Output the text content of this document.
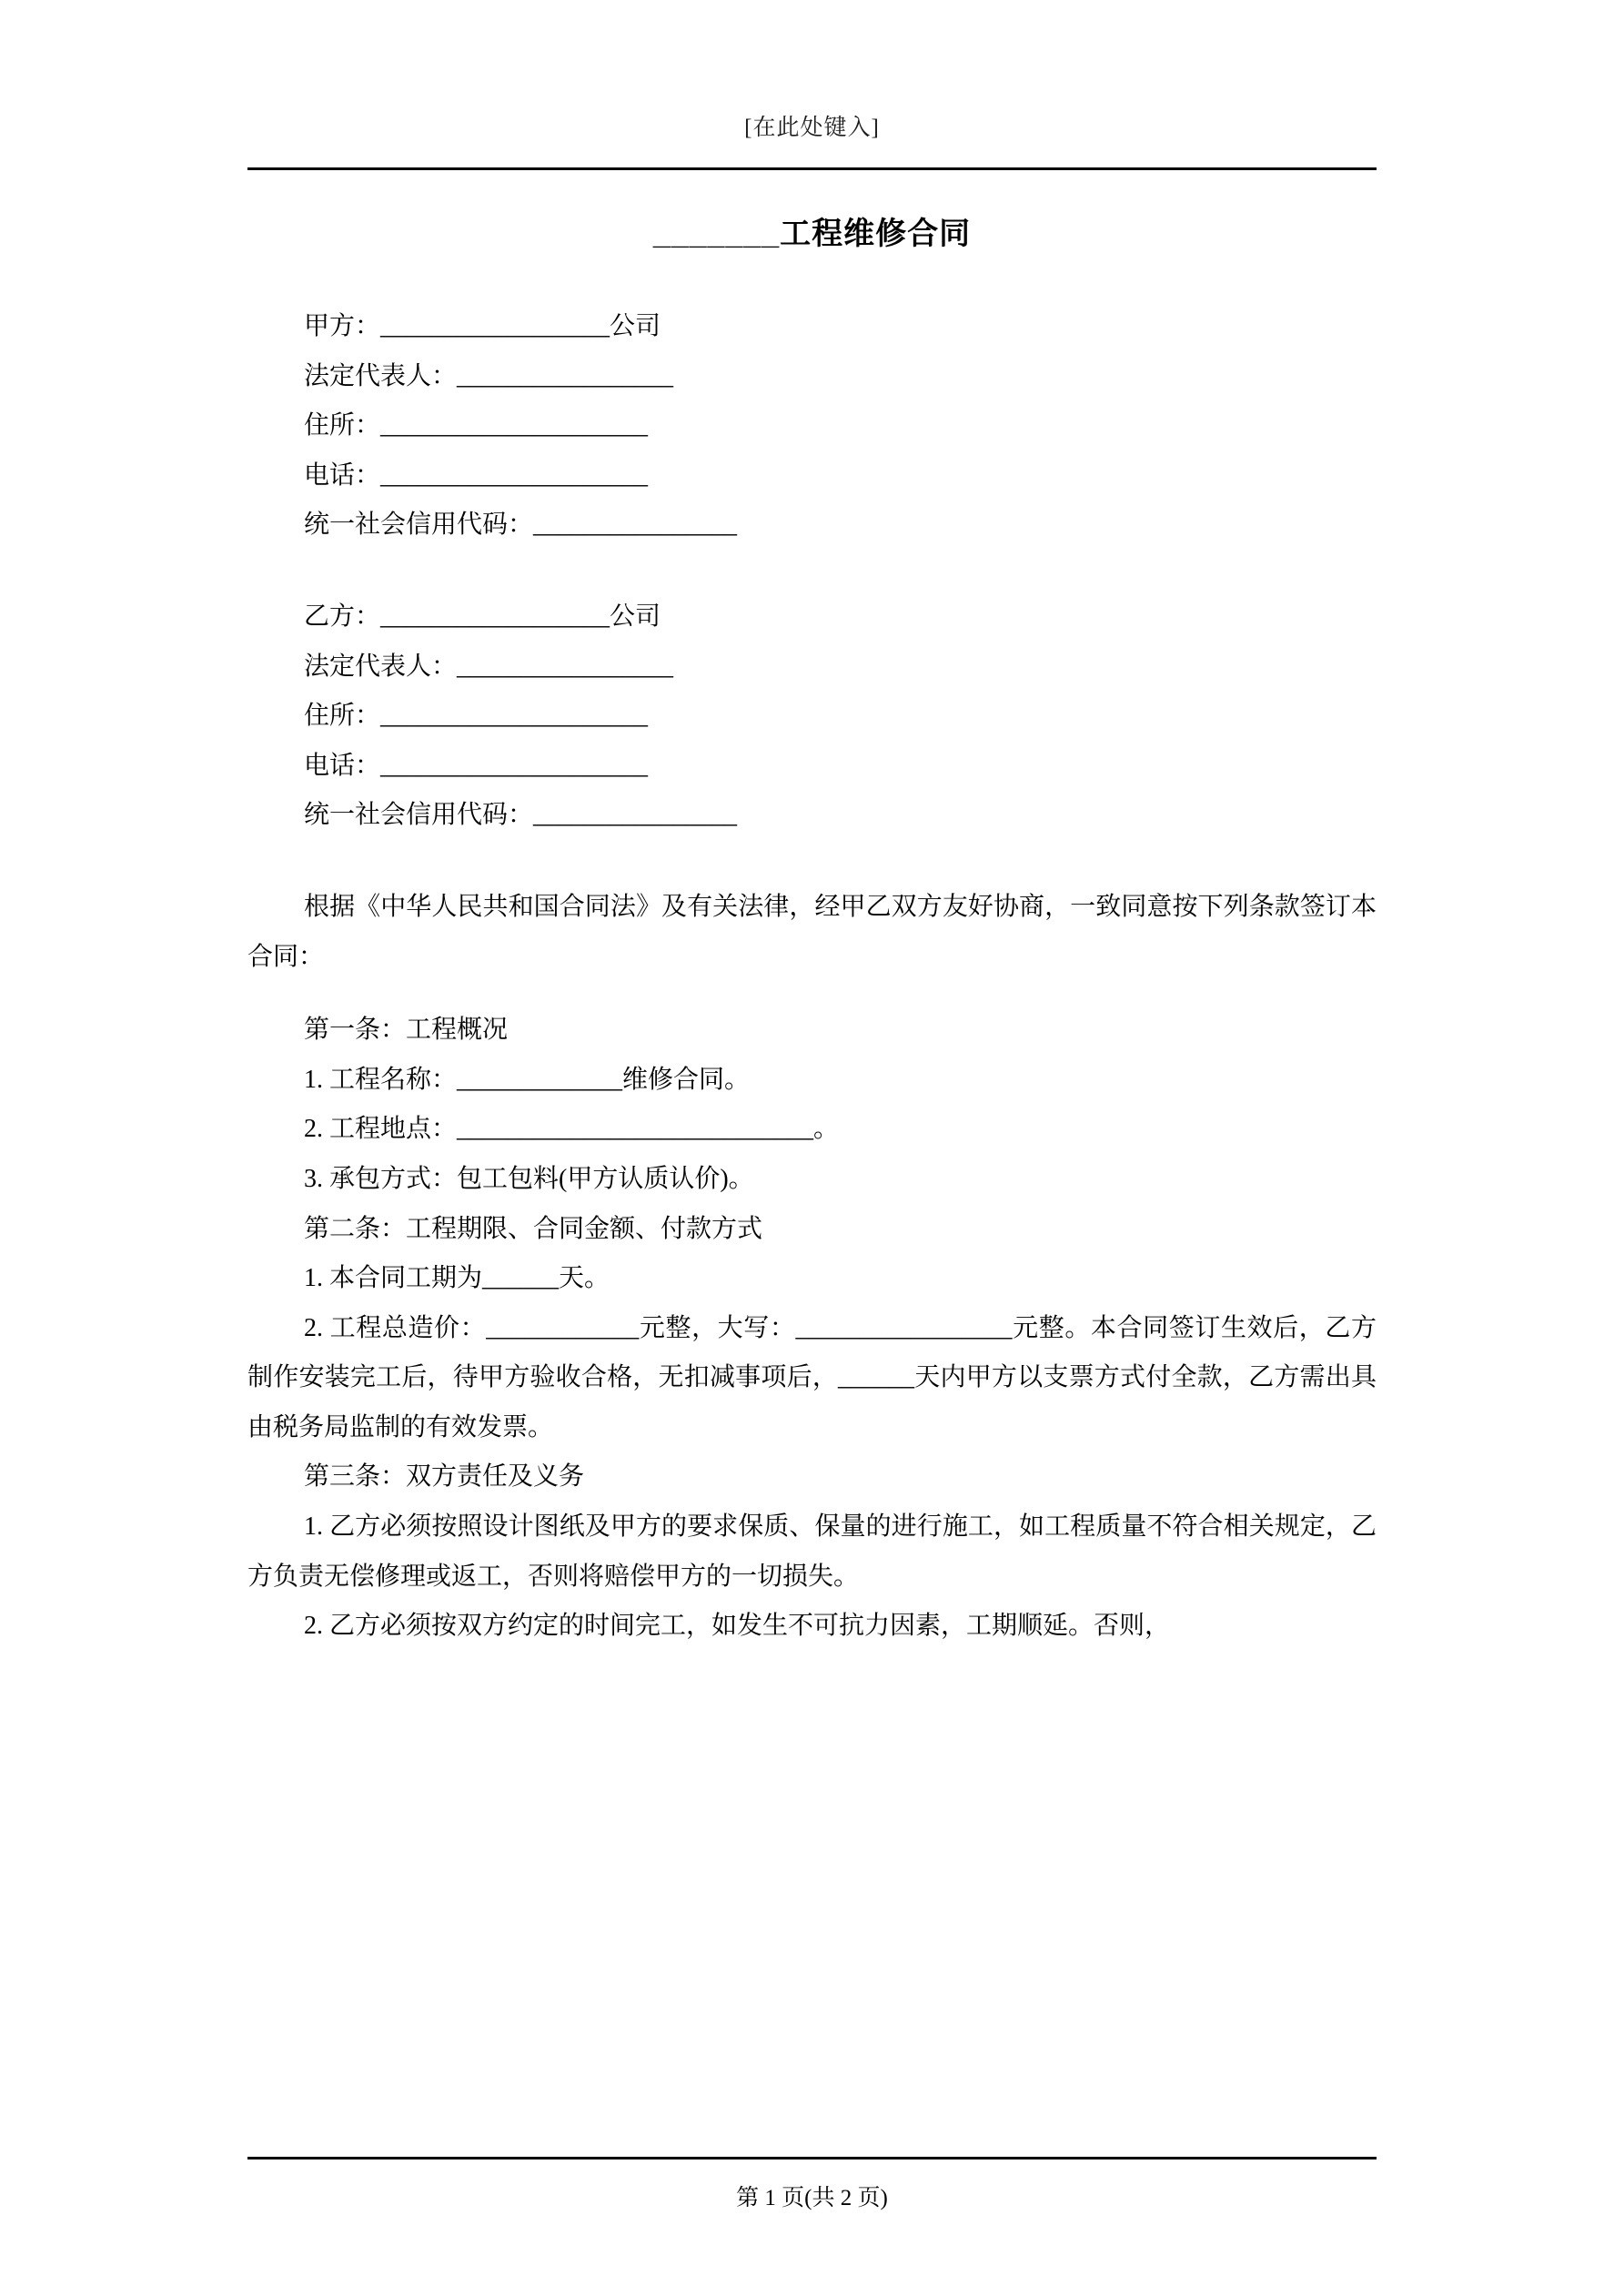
[在此处键入]
_______工程维修合同
甲方：__________________公司
法定代表人：_________________
住所：_____________________
电话：_____________________
统一社会信用代码：________________
乙方：__________________公司
法定代表人：_________________
住所：_____________________
电话：_____________________
统一社会信用代码：________________
根据《中华人民共和国合同法》及有关法律，经甲乙双方友好协商，一致同意按下列条款签订本合同：
第一条：工程概况
1. 工程名称：_____________维修合同。
2. 工程地点：____________________________。
3. 承包方式：包工包料(甲方认质认价)。
第二条：工程期限、合同金额、付款方式
1. 本合同工期为______天。
2. 工程总造价：____________元整，大写：_________________元整。本合同签订生效后，乙方制作安装完工后，待甲方验收合格，无扣减事项后，______天内甲方以支票方式付全款，乙方需出具由税务局监制的有效发票。
第三条：双方责任及义务
1. 乙方必须按照设计图纸及甲方的要求保质、保量的进行施工，如工程质量不符合相关规定，乙方负责无偿修理或返工，否则将赔偿甲方的一切损失。
2. 乙方必须按双方约定的时间完工，如发生不可抗力因素，工期顺延。否则，
第 1 页(共 2 页)
